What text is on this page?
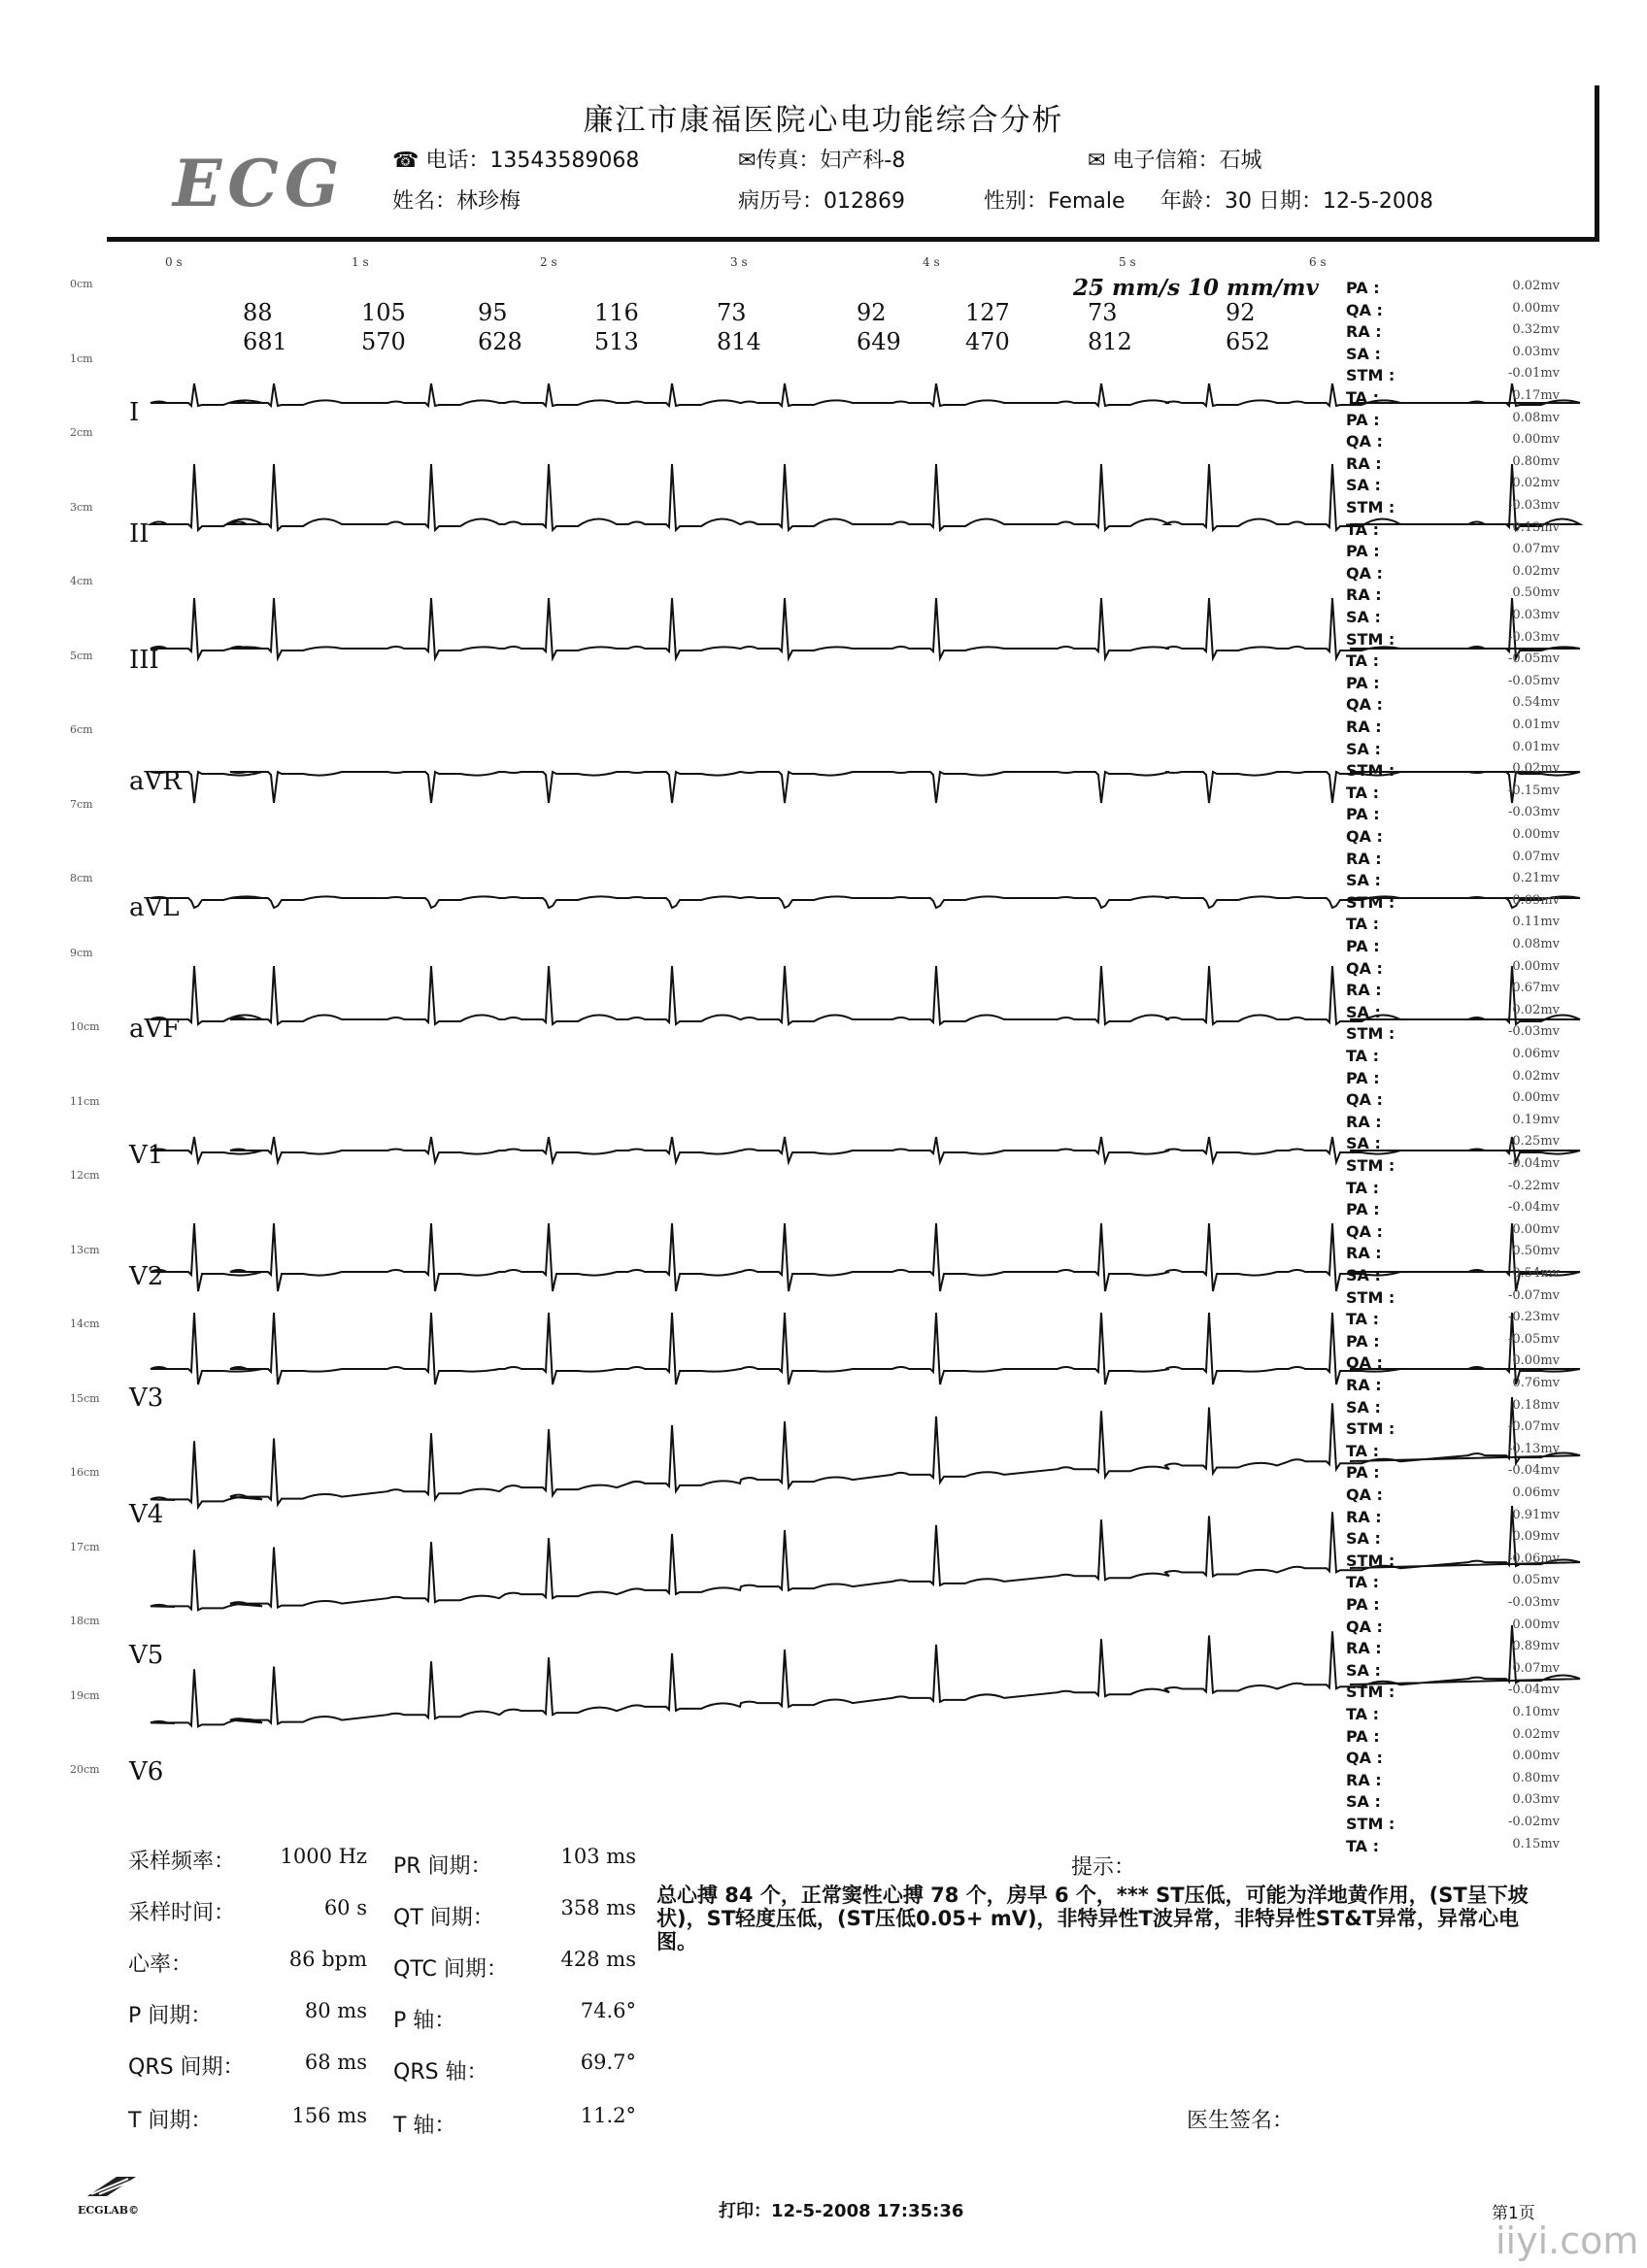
廉江市康福医院心电功能综合分析
ECG ☎ 电话：13543589068	✉传真：妇产科-8	✉ 电子信箱：石城
姓名：林珍梅	病历号：012869	性别：Female 年龄：30 日期：12-5-2008
0 s	1 s	2 s	3 s	4 s	5 s	6 s
25 mm/s 10 mm/mv
88	105	95	116	73	92	127	73	92
681	570	628	513	814	649	470	812	652
0cm
1cm
2cm
3cm
4cm
5cm
6cm
7cm
8cm
9cm
10cm
11cm
12cm
13cm
14cm
15cm
16cm
17cm
18cm
19cm
20cm
I
II
III
aVR
aVL
aVF
V1
V2
V3
V4
V5
V6
PA :	0.02mv
QA :	0.00mv
RA :	0.32mv
SA :	0.03mv
STM :	-0.01mv
TA :	0.17mv
PA :	0.08mv
QA :	0.00mv
RA :	0.80mv
SA :	0.02mv
STM :	-0.03mv
TA :	0.13mv
PA :	0.07mv
QA :	0.02mv
RA :	0.50mv
SA :	0.03mv
STM :	-0.03mv
TA :	-0.05mv
PA :	-0.05mv
QA :	0.54mv
RA :	0.01mv
SA :	0.01mv
STM :	0.02mv
TA :	-0.15mv
PA :	-0.03mv
QA :	0.00mv
RA :	0.07mv
SA :	0.21mv
STM :	0.09mv
TA :	0.11mv
PA :	0.08mv
QA :	0.00mv
RA :	0.67mv
SA :	0.02mv
STM :	-0.03mv
TA :	0.06mv
PA :	0.02mv
QA :	0.00mv
RA :	0.19mv
SA :	0.25mv
STM :	-0.04mv
TA :	-0.22mv
PA :	-0.04mv
QA :	0.00mv
RA :	0.50mv
SA :	0.54mv
STM :	-0.07mv
TA :	-0.23mv
PA :	-0.05mv
QA :	0.00mv
RA :	0.76mv
SA :	0.18mv
STM :	-0.07mv
TA :	-0.13mv
PA :	-0.04mv
QA :	0.06mv
RA :	0.91mv
SA :	0.09mv
STM :	-0.06mv
TA :	0.05mv
PA :	-0.03mv
QA :	0.00mv
RA :	0.89mv
SA :	0.07mv
STM :	-0.04mv
TA :	0.10mv
PA :	0.02mv
QA :	0.00mv
RA :	0.80mv
SA :	0.03mv
STM :	-0.02mv
TA :	0.15mv
采样频率：	1000 Hz
采样时间：	60 s
心率：	86 bpm
P 间期：	80 ms
QRS 间期：	68 ms
T 间期：	156 ms
PR 间期：	103 ms
QT 间期：	358 ms
QTC 间期：	428 ms
P 轴：	74.6°
QRS 轴：	69.7°
T 轴：	11.2°
提示：
总心搏 84 个，正常窦性心搏 78 个，房早 6 个，*** ST压低，可能为洋地黄作用，(ST呈下坡状)，ST轻度压低，(ST压低0.05+ mV)，非特异性T波异常，非特异性ST&T异常，异常心电图。
医生签名：
ECGLAB©	打印：12-5-2008 17:35:36	第1页
iiyi.com
